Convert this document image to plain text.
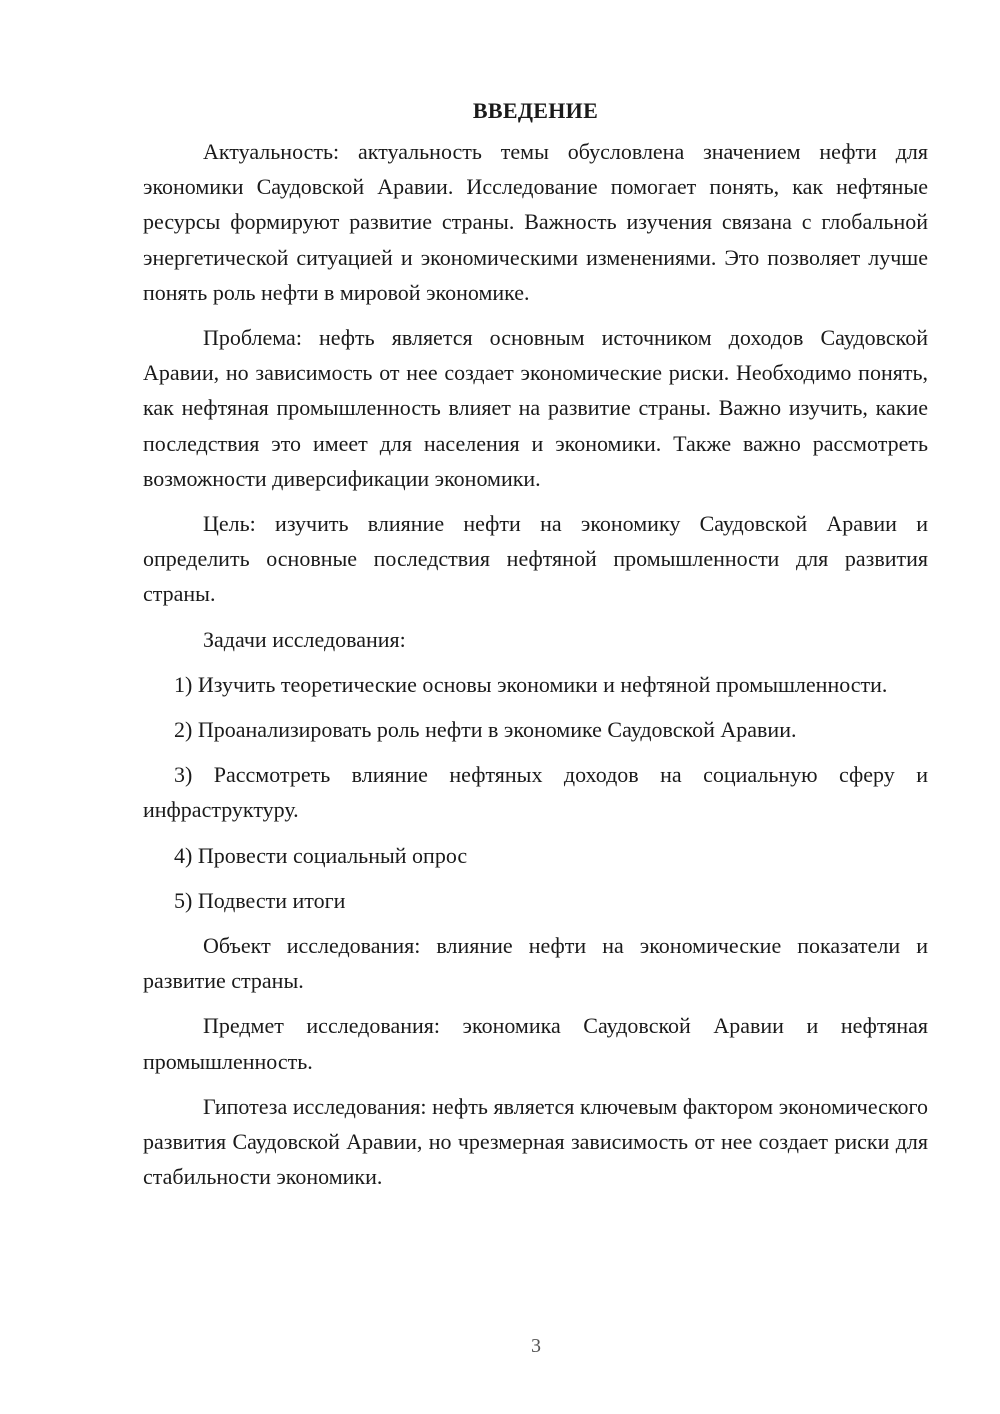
ВВЕДЕНИЕ

Актуальность: актуальность темы обусловлена значением нефти для экономики Саудовской Аравии. Исследование помогает понять, как нефтяные ресурсы формируют развитие страны. Важность изучения связана с глобальной энергетической ситуацией и экономическими изменениями. Это позволяет лучше понять роль нефти в мировой экономике.

Проблема: нефть является основным источником доходов Саудовской Аравии, но зависимость от нее создает экономические риски. Необходимо понять, как нефтяная промышленность влияет на развитие страны. Важно изучить, какие последствия это имеет для населения и экономики. Также важно рассмотреть возможности диверсификации экономики.

Цель: изучить влияние нефти на экономику Саудовской Аравии и определить основные последствия нефтяной промышленности для развития страны.

Задачи исследования:

1) Изучить теоретические основы экономики и нефтяной промышленности.

2) Проанализировать роль нефти в экономике Саудовской Аравии.

3) Рассмотреть влияние нефтяных доходов на социальную сферу и инфраструктуру.

4) Провести социальный опрос

5) Подвести итоги

Объект исследования: влияние нефти на экономические показатели и развитие страны.

Предмет исследования: экономика Саудовской Аравии и нефтяная промышленность.

Гипотеза исследования: нефть является ключевым фактором экономического развития Саудовской Аравии, но чрезмерная зависимость от нее создает риски для стабильности экономики.

3
